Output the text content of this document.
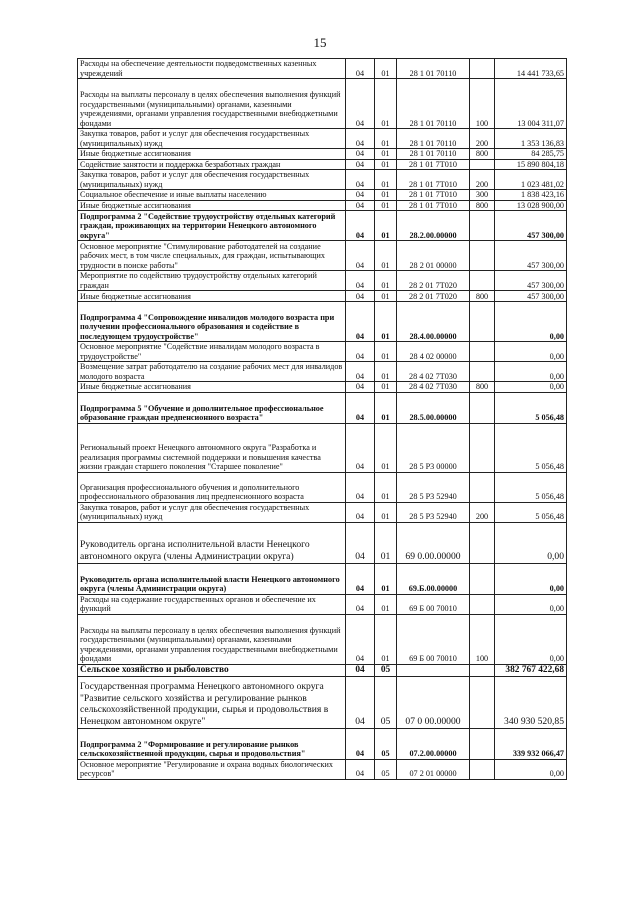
15
Расходы на обеспечение деятельности подведомственных казенных учреждений	04	01	28 1 01 70110		14 441 733,65
Расходы на выплаты персоналу в целях обеспечения выполнения функций государственными (муниципальными) органами, казенными учреждениями, органами управления государственными внебюджетными фондами	04	01	28 1 01 70110	100	13 004 311,07
Закупка товаров, работ и услуг для обеспечения государственных (муниципальных) нужд	04	01	28 1 01 70110	200	1 353 136,83
Иные бюджетные ассигнования	04	01	28 1 01 70110	800	84 285,75
Содействие занятости и поддержка безработных граждан	04	01	28 1 01 7Т010		15 890 804,18
Закупка товаров, работ и услуг для обеспечения государственных (муниципальных) нужд	04	01	28 1 01 7Т010	200	1 023 481,02
Социальное обеспечение и иные выплаты населению	04	01	28 1 01 7Т010	300	1 838 423,16
Иные бюджетные ассигнования	04	01	28 1 01 7Т010	800	13 028 900,00
Подпрограмма 2 "Содействие трудоустройству отдельных категорий граждан, проживающих на территории Ненецкого автономного округа"	04	01	28.2.00.00000		457 300,00
Основное мероприятие "Стимулирование работодателей на создание рабочих мест, в том числе специальных, для граждан, испытывающих трудности в поиске работы"	04	01	28 2 01 00000		457 300,00
Мероприятие по содействию трудоустройству отдельных категорий граждан	04	01	28 2 01 7Т020		457 300,00
Иные бюджетные ассигнования	04	01	28 2 01 7Т020	800	457 300,00
Подпрограмма 4 "Сопровождение инвалидов молодого возраста при получении профессионального образования и содействие в последующем трудоустройстве"	04	01	28.4.00.00000		0,00
Основное мероприятие "Содействие инвалидам молодого возраста в трудоустройстве"	04	01	28 4 02 00000		0,00
Возмещение затрат работодателю на создание рабочих мест для инвалидов молодого возраста	04	01	28 4 02 7Т030		0,00
Иные бюджетные ассигнования	04	01	28 4 02 7Т030	800	0,00
Подпрограмма 5 "Обучение и дополнительное профессиональное образование граждан предпенсионного возраста"	04	01	28.5.00.00000		5 056,48
Региональный проект Ненецкого автономного округа "Разработка и реализация программы системной поддержки и повышения качества жизни граждан старшего поколения "Старшее поколение"	04	01	28 5 Р3 00000		5 056,48
Организация профессионального обучения и дополнительного профессионального образования лиц предпенсионного возраста	04	01	28 5 Р3 52940		5 056,48
Закупка товаров, работ и услуг для обеспечения государственных (муниципальных) нужд	04	01	28 5 Р3 52940	200	5 056,48
Руководитель органа исполнительной власти Ненецкого автономного округа (члены Администрации округа)	04	01	69 0.00.00000		0,00
Руководитель органа исполнительной власти Ненецкого автономного округа (члены Администрации округа)	04	01	69.Б.00.00000		0,00
Расходы на содержание государственных органов и обеспечение их функций	04	01	69 Б 00 70010		0,00
Расходы на выплаты персоналу в целях обеспечения выполнения функций государственными (муниципальными) органами, казенными учреждениями, органами управления государственными внебюджетными фондами	04	01	69 Б 00 70010	100	0,00
Сельское хозяйство и рыболовство	04	05			382 767 422,68
Государственная программа Ненецкого автономного округа "Развитие сельского хозяйства и регулирование рынков сельскохозяйственной продукции, сырья и продовольствия в Ненецком автономном округе"	04	05	07 0 00.00000		340 930 520,85
Подпрограмма 2 "Формирование и регулирование рынков сельскохозяйственной продукции, сырья и продовольствия"	04	05	07.2.00.00000		339 932 066,47
Основное мероприятие "Регулирование и охрана водных биологических ресурсов"	04	05	07 2 01 00000		0,00
